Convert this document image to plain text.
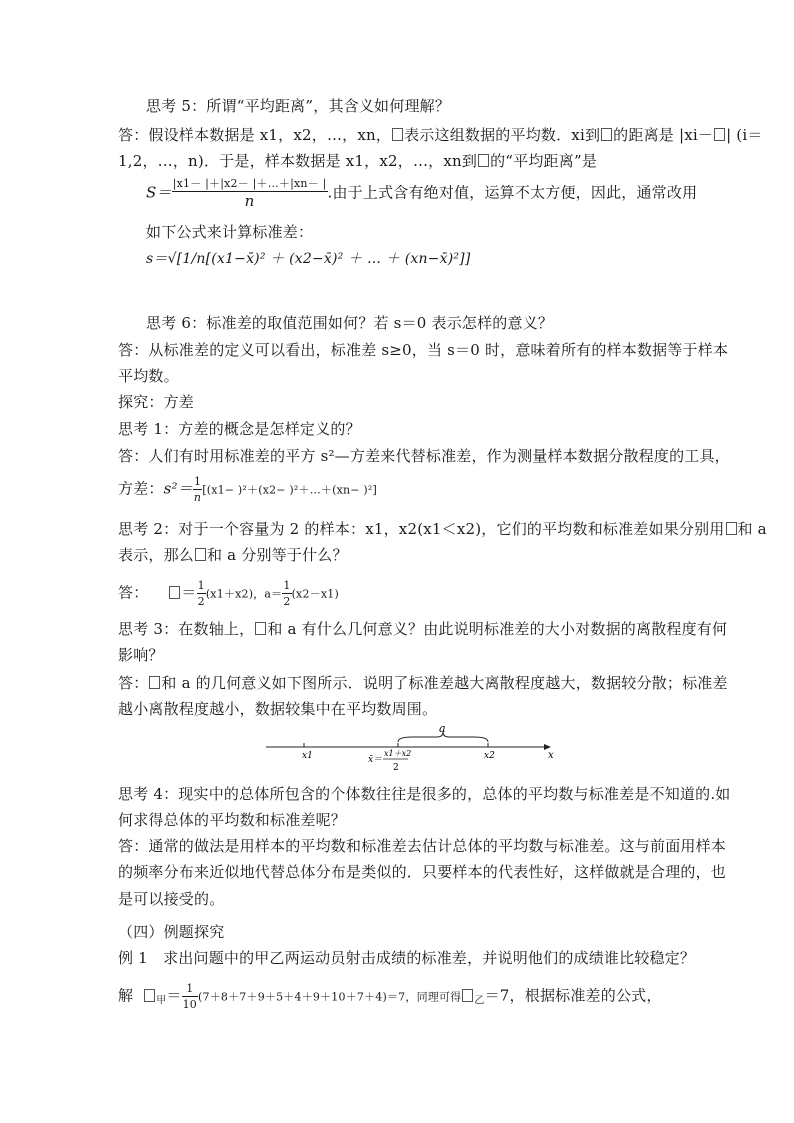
思考 5：所谓“平均距离”，其含义如何理解？
答：假设样本数据是 x1，x2，…，xn， 表示这组数据的平均数．xi到 的距离是 |xi－ | (i＝
1,2，…，n)．于是，样本数据是 x1，x2，…，xn到 的“平均距离”是
$S= \frac{|x1- |+|x2- |+\dots+|xn- |}{n}$ .由于上式含有绝对值，运算不太方便，因此，通常改用
如下公式来计算标准差：
s＝√[1/n[(x1−x̄)² ＋ (x2−x̄)² ＋ … ＋ (xn−x̄)²]]
思考 6：标准差的取值范围如何？若 s＝0 表示怎样的意义？
答：从标准差的定义可以看出，标准差 s≥0，当 s＝0 时，意味着所有的样本数据等于样本
平均数。
探究：方差
思考 1：方差的概念是怎样定义的？
答：人们有时用标准差的平方 s²—方差来代替标准差，作为测量样本数据分散程度的工具，
方差：$s^2= \frac{1}{n} [(x1- )^2+(x2-$ )²＋…＋(xn− )²]
思考 2：对于一个容量为 2 的样本：x1，x2(x1＜x2)，它们的平均数和标准差如果分别用 和 a
表示，那么 和 a 分别等于什么？
答： ＝ $\frac{1}{2} (x1+x2)$，$a= \frac{1}{2} (x2-x1)$
思考 3：在数轴上， 和 a 有什么几何意义？由此说明标准差的大小对数据的离散程度有何
影响？
答： 和 a 的几何意义如下图所示．说明了标准差越大离散程度越大，数据较分散；标准差
越小离散程度越小，数据较集中在平均数周围。
a
x1	x2	x
x̄＝
x1＋x2
2
思考 4：现实中的总体所包含的个体数往往是很多的，总体的平均数与标准差是不知道的.如
何求得总体的平均数和标准差呢？
答：通常的做法是用样本的平均数和标准差去估计总体的平均数与标准差。这与前面用样本
的频率分布来近似地代替总体分布是类似的．只要样本的代表性好，这样做就是合理的，也
是可以接受的。
（四）例题探究
例 1　求出问题中的甲乙两运动员射击成绩的标准差，并说明他们的成绩谁比较稳定？
解 $_甲= \frac{1}{10} (7+8+7+9+5+4+9+10+7+4)=7$，同理可得 $_乙$＝7，根据标准差的公式，
